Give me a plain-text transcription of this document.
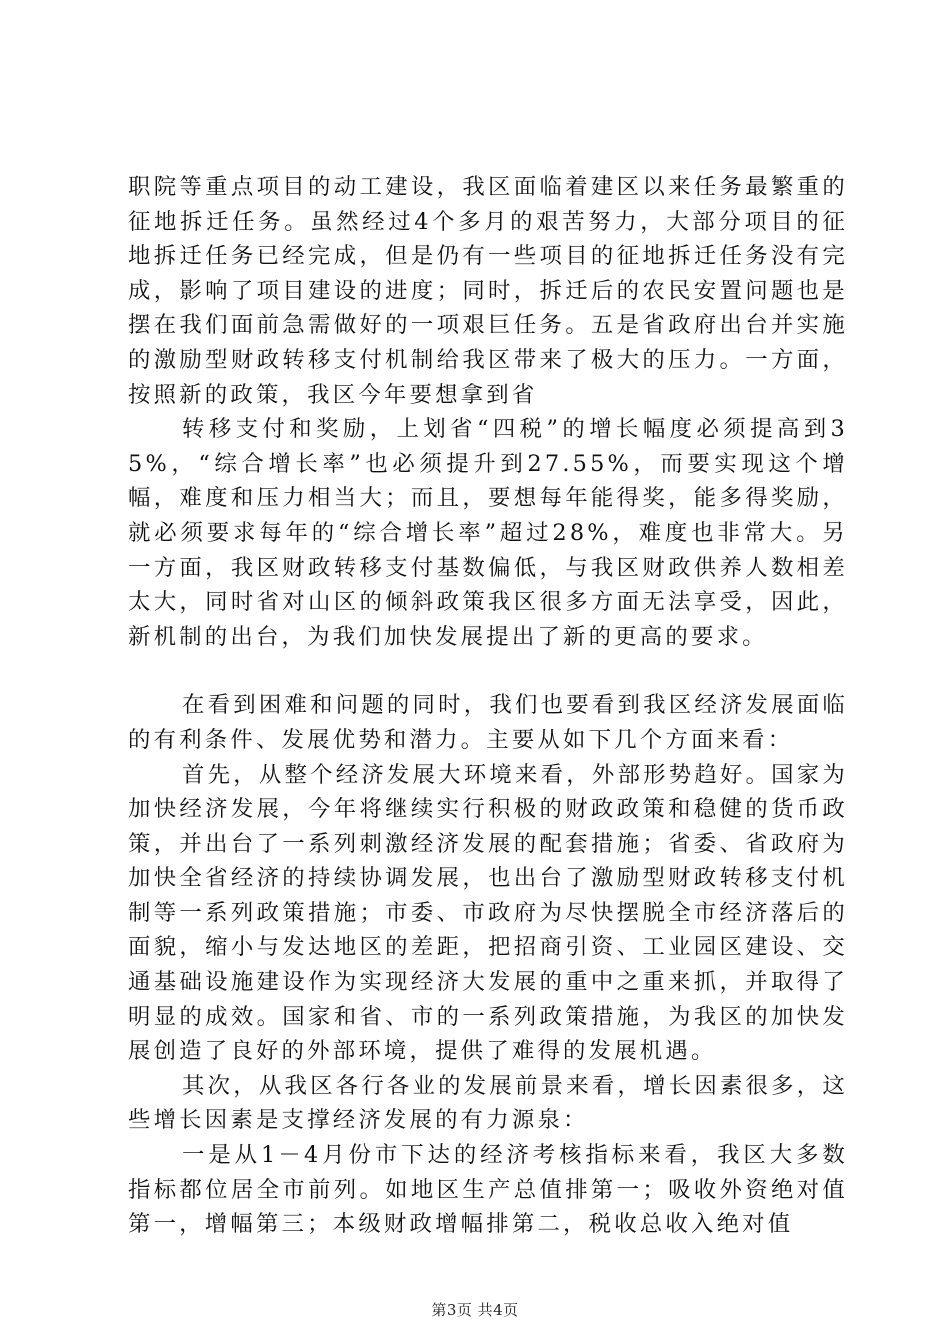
职院等重点项目的动工建设，我区面临着建区以来任务最繁重的征地拆迁任务。虽然经过4个多月的艰苦努力，大部分项目的征地拆迁任务已经完成，但是仍有一些项目的征地拆迁任务没有完成，影响了项目建设的进度；同时，拆迁后的农民安置问题也是摆在我们面前急需做好的一项艰巨任务。五是省政府出台并实施的激励型财政转移支付机制给我区带来了极大的压力。一方面，按照新的政策，我区今年要想拿到省

转移支付和奖励，上划省“四税”的增长幅度必须提高到35%，“综合增长率”也必须提升到27.55%，而要实现这个增幅，难度和压力相当大；而且，要想每年能得奖，能多得奖励，就必须要求每年的“综合增长率”超过28%，难度也非常大。另一方面，我区财政转移支付基数偏低，与我区财政供养人数相差太大，同时省对山区的倾斜政策我区很多方面无法享受，因此，新机制的出台，为我们加快发展提出了新的更高的要求。

在看到困难和问题的同时，我们也要看到我区经济发展面临的有利条件、发展优势和潜力。主要从如下几个方面来看：

首先，从整个经济发展大环境来看，外部形势趋好。国家为加快经济发展，今年将继续实行积极的财政政策和稳健的货币政策，并出台了一系列刺激经济发展的配套措施；省委、省政府为加快全省经济的持续协调发展，也出台了激励型财政转移支付机制等一系列政策措施；市委、市政府为尽快摆脱全市经济落后的面貌，缩小与发达地区的差距，把招商引资、工业园区建设、交通基础设施建设作为实现经济大发展的重中之重来抓，并取得了明显的成效。国家和省、市的一系列政策措施，为我区的加快发展创造了良好的外部环境，提供了难得的发展机遇。

其次，从我区各行各业的发展前景来看，增长因素很多，这些增长因素是支撑经济发展的有力源泉：

一是从1－4月份市下达的经济考核指标来看，我区大多数指标都位居全市前列。如地区生产总值排第一；吸收外资绝对值第一，增幅第三；本级财政增幅排第二，税收总收入绝对值

第3页 共4页
